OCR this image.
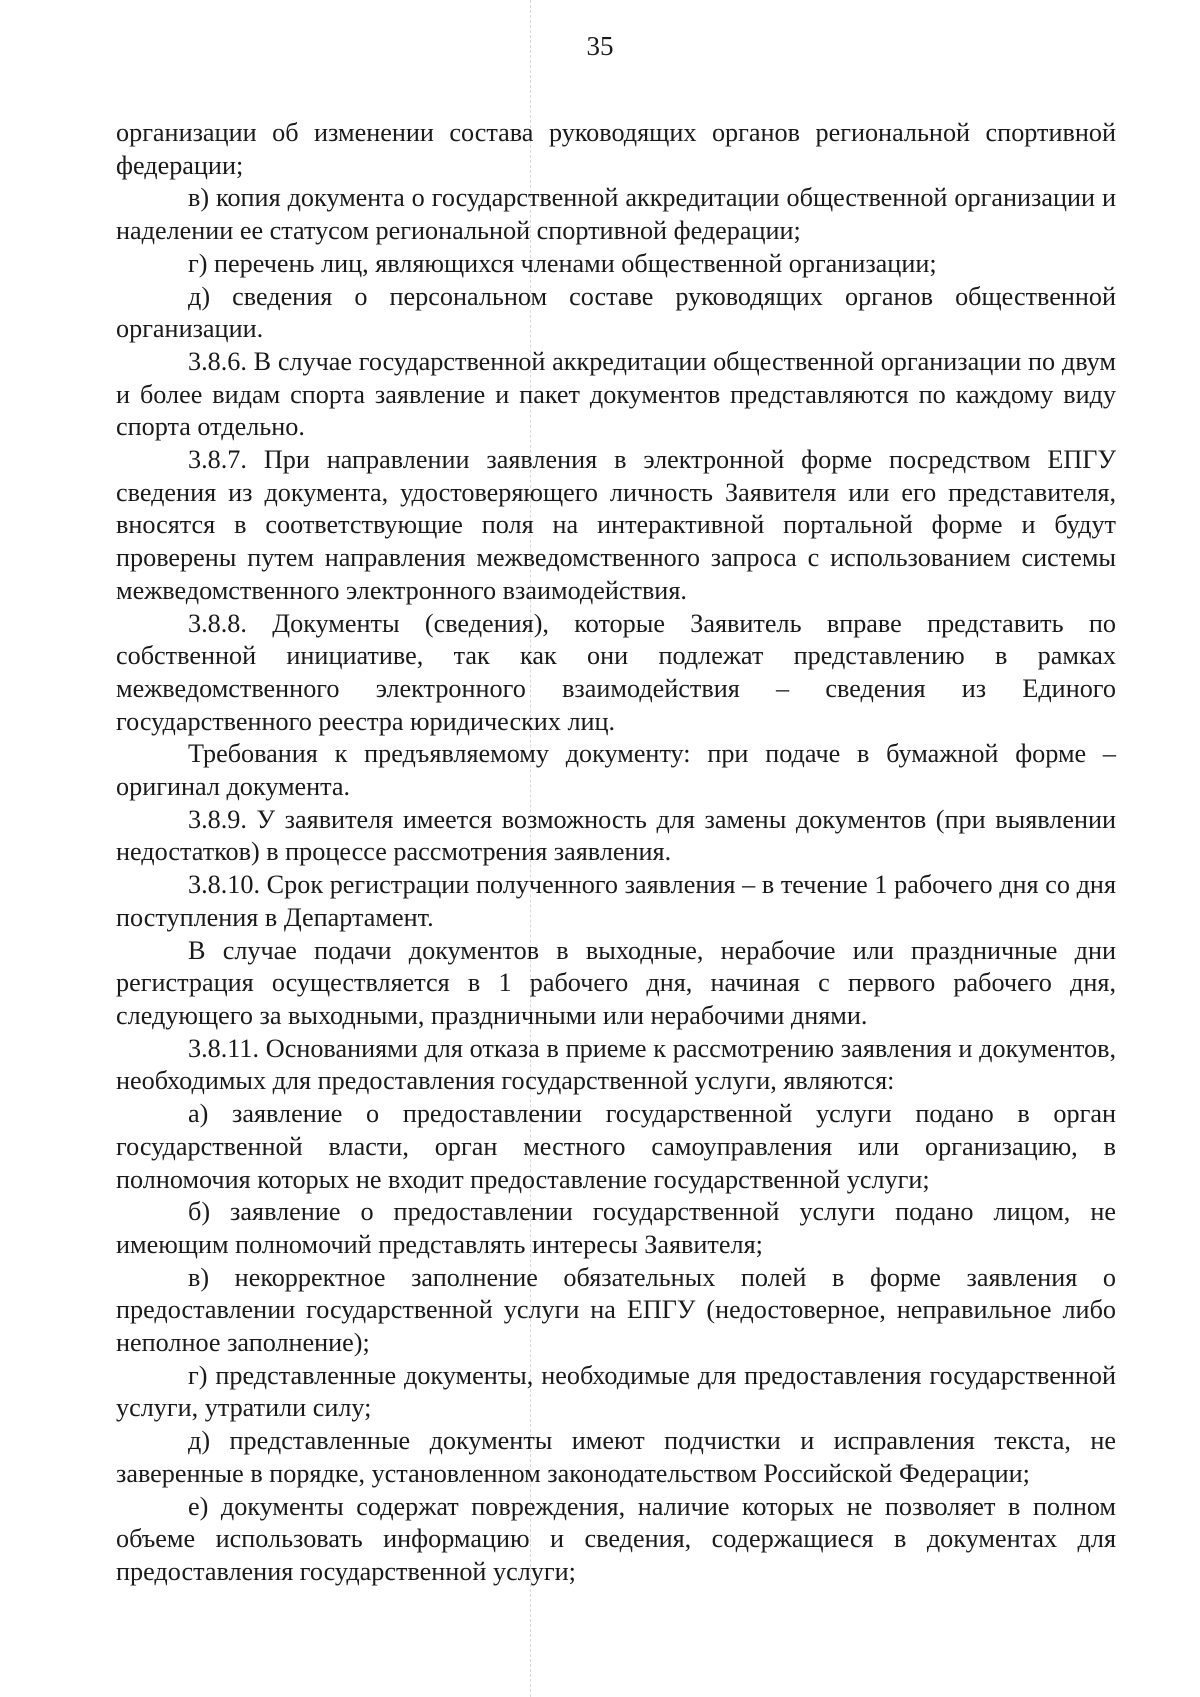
35

организации об изменении состава руководящих органов региональной спортивной федерации;

в) копия документа о государственной аккредитации общественной организации и наделении ее статусом региональной спортивной федерации;

г) перечень лиц, являющихся членами общественной организации;

д) сведения о персональном составе руководящих органов общественной организации.

3.8.6. В случае государственной аккредитации общественной организации по двум и более видам спорта заявление и пакет документов представляются по каждому виду спорта отдельно.

3.8.7. При направлении заявления в электронной форме посредством ЕПГУ сведения из документа, удостоверяющего личность Заявителя или его представителя, вносятся в соответствующие поля на интерактивной портальной форме и будут проверены путем направления межведомственного запроса с использованием системы межведомственного электронного взаимодействия.

3.8.8. Документы (сведения), которые Заявитель вправе представить по собственной инициативе, так как они подлежат представлению в рамках межведомственного электронного взаимодействия – сведения из Единого государственного реестра юридических лиц.

Требования к предъявляемому документу: при подаче в бумажной форме – оригинал документа.

3.8.9. У заявителя имеется возможность для замены документов (при выявлении недостатков) в процессе рассмотрения заявления.

3.8.10. Срок регистрации полученного заявления – в течение 1 рабочего дня со дня поступления в Департамент.

В случае подачи документов в выходные, нерабочие или праздничные дни регистрация осуществляется в 1 рабочего дня, начиная с первого рабочего дня, следующего за выходными, праздничными или нерабочими днями.

3.8.11. Основаниями для отказа в приеме к рассмотрению заявления и документов, необходимых для предоставления государственной услуги, являются:

а) заявление о предоставлении государственной услуги подано в орган государственной власти, орган местного самоуправления или организацию, в полномочия которых не входит предоставление государственной услуги;

б) заявление о предоставлении государственной услуги подано лицом, не имеющим полномочий представлять интересы Заявителя;

в) некорректное заполнение обязательных полей в форме заявления о предоставлении государственной услуги на ЕПГУ (недостоверное, неправильное либо неполное заполнение);

г) представленные документы, необходимые для предоставления государственной услуги, утратили силу;

д) представленные документы имеют подчистки и исправления текста, не заверенные в порядке, установленном законодательством Российской Федерации;

е) документы содержат повреждения, наличие которых не позволяет в полном объеме использовать информацию и сведения, содержащиеся в документах для предоставления государственной услуги;
